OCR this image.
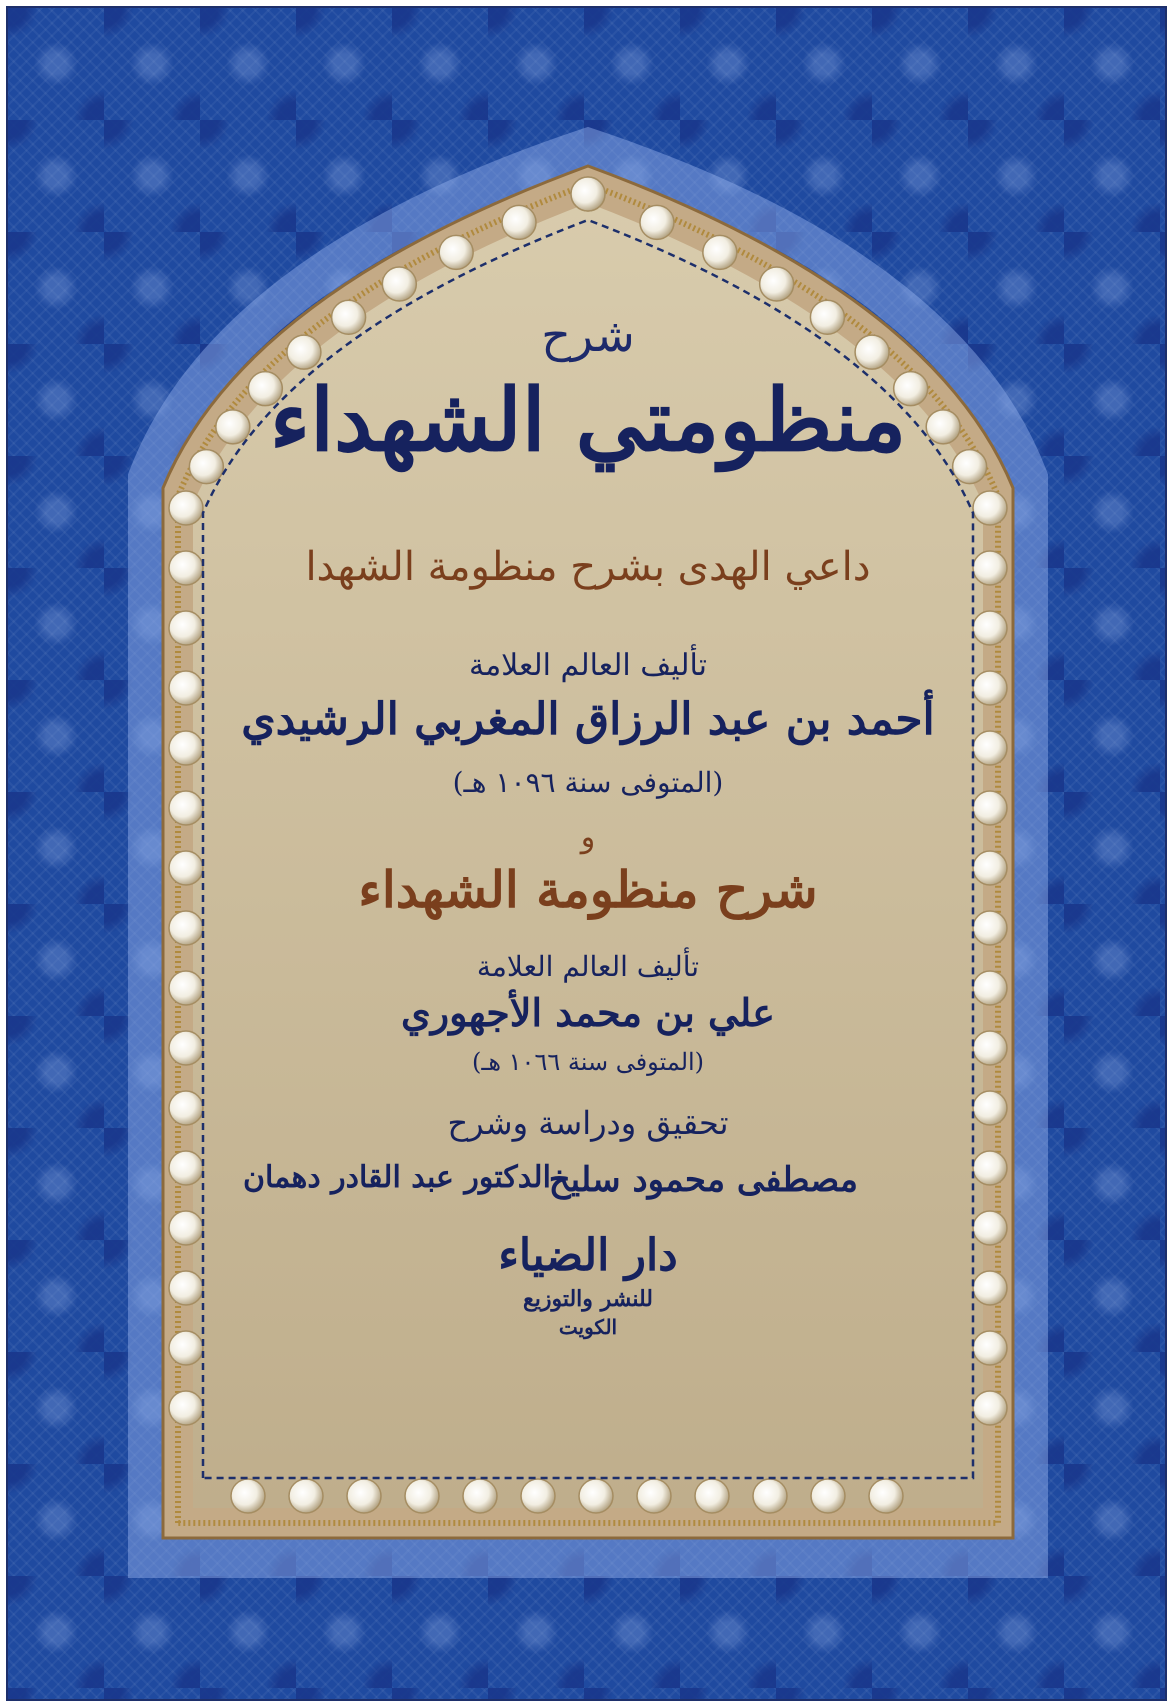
شرح
منظومتي الشهداء
داعي الهدى بشرح منظومة الشهدا
تأليف العالم العلامة
أحمد بن عبد الرزاق المغربي الرشيدي
(المتوفى سنة ١٠٩٦ هـ)
و
شرح منظومة الشهداء
تأليف العالم العلامة
علي بن محمد الأجهوري
(المتوفى سنة ١٠٦٦ هـ)
تحقيق ودراسة وشرح
مصطفى محمود سليخ
الدكتور عبد القادر دهمان
دار الضياء
للنشر والتوزيع
الكويت
